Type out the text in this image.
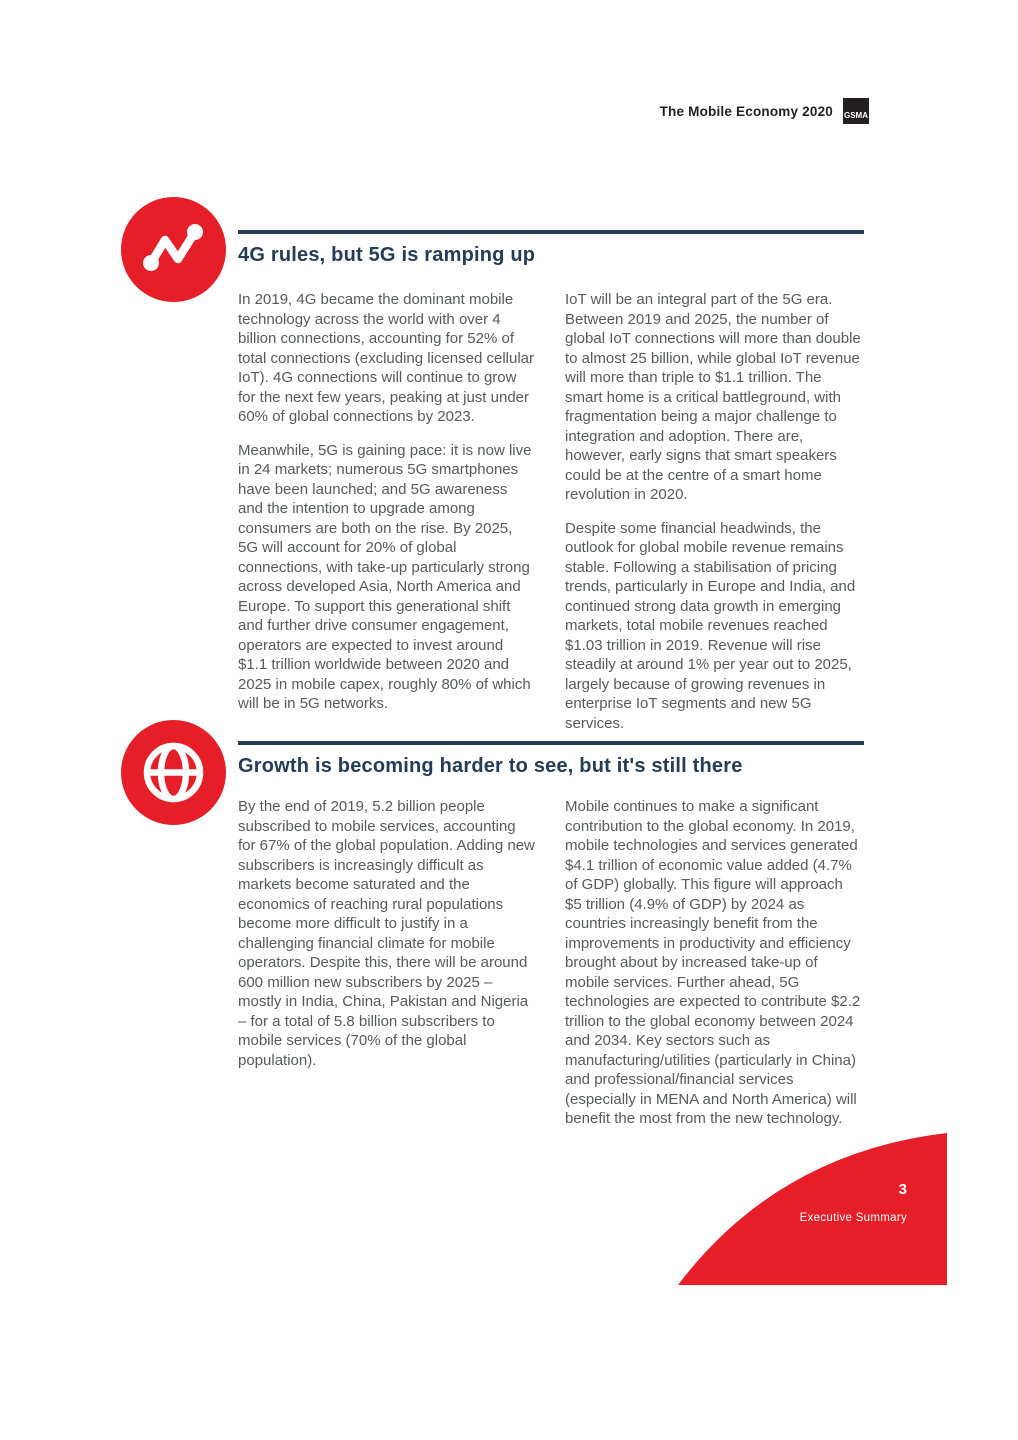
The Mobile Economy 2020 GSMA
4G rules, but 5G is ramping up

In 2019, 4G became the dominant mobile technology across the world with over 4 billion connections, accounting for 52% of total connections (excluding licensed cellular IoT). 4G connections will continue to grow for the next few years, peaking at just under 60% of global connections by 2023.

Meanwhile, 5G is gaining pace: it is now live in 24 markets; numerous 5G smartphones have been launched; and 5G awareness and the intention to upgrade among consumers are both on the rise. By 2025, 5G will account for 20% of global connections, with take-up particularly strong across developed Asia, North America and Europe. To support this generational shift and further drive consumer engagement, operators are expected to invest around $1.1 trillion worldwide between 2020 and 2025 in mobile capex, roughly 80% of which will be in 5G networks.

IoT will be an integral part of the 5G era. Between 2019 and 2025, the number of global IoT connections will more than double to almost 25 billion, while global IoT revenue will more than triple to $1.1 trillion. The smart home is a critical battleground, with fragmentation being a major challenge to integration and adoption. There are, however, early signs that smart speakers could be at the centre of a smart home revolution in 2020.

Despite some financial headwinds, the outlook for global mobile revenue remains stable. Following a stabilisation of pricing trends, particularly in Europe and India, and continued strong data growth in emerging markets, total mobile revenues reached $1.03 trillion in 2019. Revenue will rise steadily at around 1% per year out to 2025, largely because of growing revenues in enterprise IoT segments and new 5G services.

Growth is becoming harder to see, but it's still there

By the end of 2019, 5.2 billion people subscribed to mobile services, accounting for 67% of the global population. Adding new subscribers is increasingly difficult as markets become saturated and the economics of reaching rural populations become more difficult to justify in a challenging financial climate for mobile operators. Despite this, there will be around 600 million new subscribers by 2025 – mostly in India, China, Pakistan and Nigeria – for a total of 5.8 billion subscribers to mobile services (70% of the global population).

Mobile continues to make a significant contribution to the global economy. In 2019, mobile technologies and services generated $4.1 trillion of economic value added (4.7% of GDP) globally. This figure will approach $5 trillion (4.9% of GDP) by 2024 as countries increasingly benefit from the improvements in productivity and efficiency brought about by increased take-up of mobile services. Further ahead, 5G technologies are expected to contribute $2.2 trillion to the global economy between 2024 and 2034. Key sectors such as manufacturing/utilities (particularly in China) and professional/financial services (especially in MENA and North America) will benefit the most from the new technology.

3
Executive Summary
